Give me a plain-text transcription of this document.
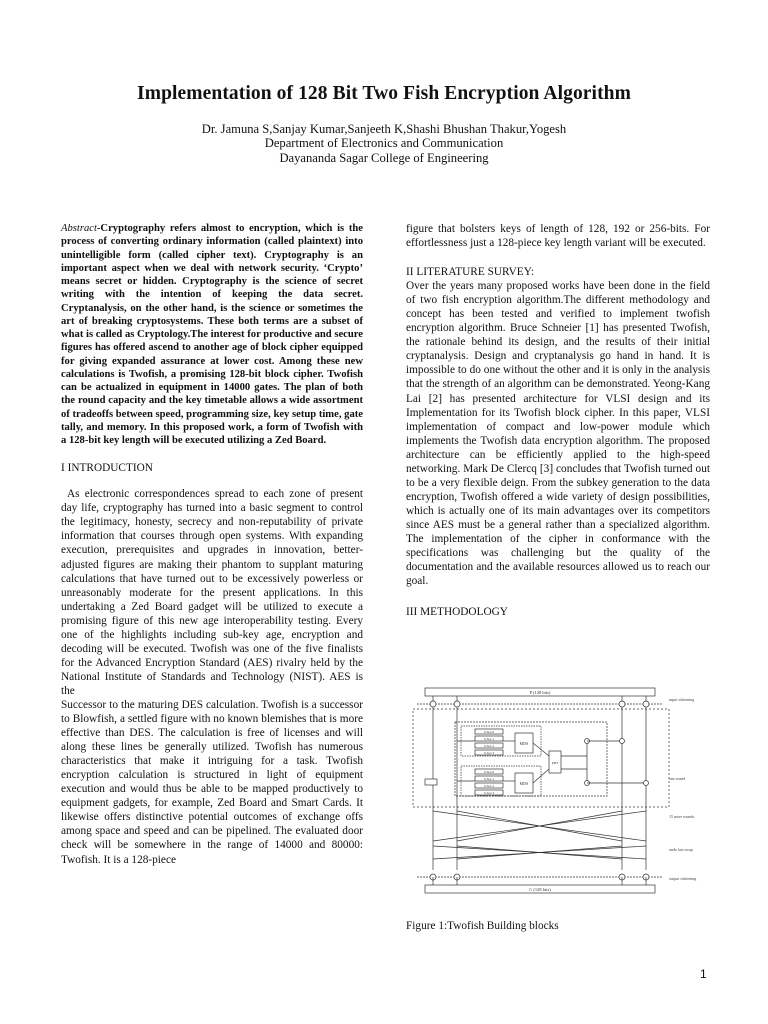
Implementation of 128 Bit Two Fish Encryption Algorithm
Dr. Jamuna S,Sanjay Kumar,Sanjeeth K,Shashi Bhushan Thakur,Yogesh
Department of Electronics and Communication
Dayananda Sagar College of Engineering

Abstract-Cryptography refers almost to encryption, which is the process of converting ordinary information (called plaintext) into unintelligible form (called cipher text). Cryptography is an important aspect when we deal with network security. ‘Crypto’ means secret or hidden. Cryptography is the science of secret writing with the intention of keeping the data secret. Cryptanalysis, on the other hand, is the science or sometimes the art of breaking cryptosystems. These both terms are a subset of what is called as Cryptology.The interest for productive and secure figures has offered ascend to another age of block cipher equipped for giving expanded assurance at lower cost. Among these new calculations is Twofish, a promising 128-bit block cipher. Twofish can be actualized in equipment in 14000 gates. The plan of both the round capacity and the key timetable allows a wide assortment of tradeoffs between speed, programming size, key setup time, gate tally, and memory. In this proposed work, a form of Twofish with a 128-bit key length will be executed utilizing a Zed Board.

I INTRODUCTION

As electronic correspondences spread to each zone of present day life, cryptography has turned into a basic segment to control the legitimacy, honesty, secrecy and non-reputability of private information that courses through open systems. With expanding execution, prerequisites and upgrades in innovation, better-adjusted figures are making their phantom to supplant maturing calculations that have turned out to be excessively powerless or unreasonably moderate for the present applications. In this undertaking a Zed Board gadget will be utilized to execute a promising figure of this new age interoperability testing. Every one of the highlights including sub-key age, encryption and decoding will be executed. Twofish was one of the five finalists for the Advanced Encryption Standard (AES) rivalry held by the National Institute of Standards and Technology (NIST). AES is the

Successor to the maturing DES calculation. Twofish is a successor to Blowfish, a settled figure with no known blemishes that is more effective than DES. The calculation is free of licenses and will along these lines be generally utilized. Twofish has numerous characteristics that make it intriguing for a task. Twofish encryption calculation is structured in light of equipment execution and would thus be able to be mapped productively to equipment gadgets, for example, Zed Board and Smart Cards. It likewise offers distinctive potential outcomes of exchange offs among space and speed and can be pipelined. The evaluated door check will be somewhere in the range of 14000 and 80000: Twofish. It is a 128-piece

figure that bolsters keys of length of 128, 192 or 256-bits. For effortlessness just a 128-piece key length variant will be executed.

II LITERATURE SURVEY:

Over the years many proposed works have been done in the field of two fish encryption algorithm.The different methodology and concept has been tested and verified to implement twofish encryption algorithm. Bruce Schneier [1] has presented Twofish, the rationale behind its design, and the results of their initial cryptanalysis. Design and cryptanalysis go hand in hand. It is impossible to do one without the other and it is only in the analysis that the strength of an algorithm can be demonstrated. Yeong-Kang Lai [2] has presented architecture for VLSI design and its Implementation for its Twofish block cipher. In this paper, VLSI implementation of compact and low-power module which implements the Twofish data encryption algorithm. The proposed architecture can be efficiently applied to the high-speed networking. Mark De Clercq [3] concludes that Twofish turned out to be a very flexible deign. From the subkey generation to the data encryption, Twofish offered a wide variety of design possibilities, which is actually one of its main advantages over its competitors since AES must be a general rather than a specialized algorithm. The implementation of the cipher in conformance with the specifications was challenging but the quality of the documentation and the available resources allowed us to reach our goal.

III METHODOLOGY

P (128 bits)
input whitening
one round
S-box 0
S-box 1
S-box 2
S-box 3
S-box 0
S-box 1
S-box 2
S-box 3
MDS
MDS
PHT
15 more rounds
undo last swap
output whitening
C (128 bits)
Figure 1:Twofish Building blocks
1
